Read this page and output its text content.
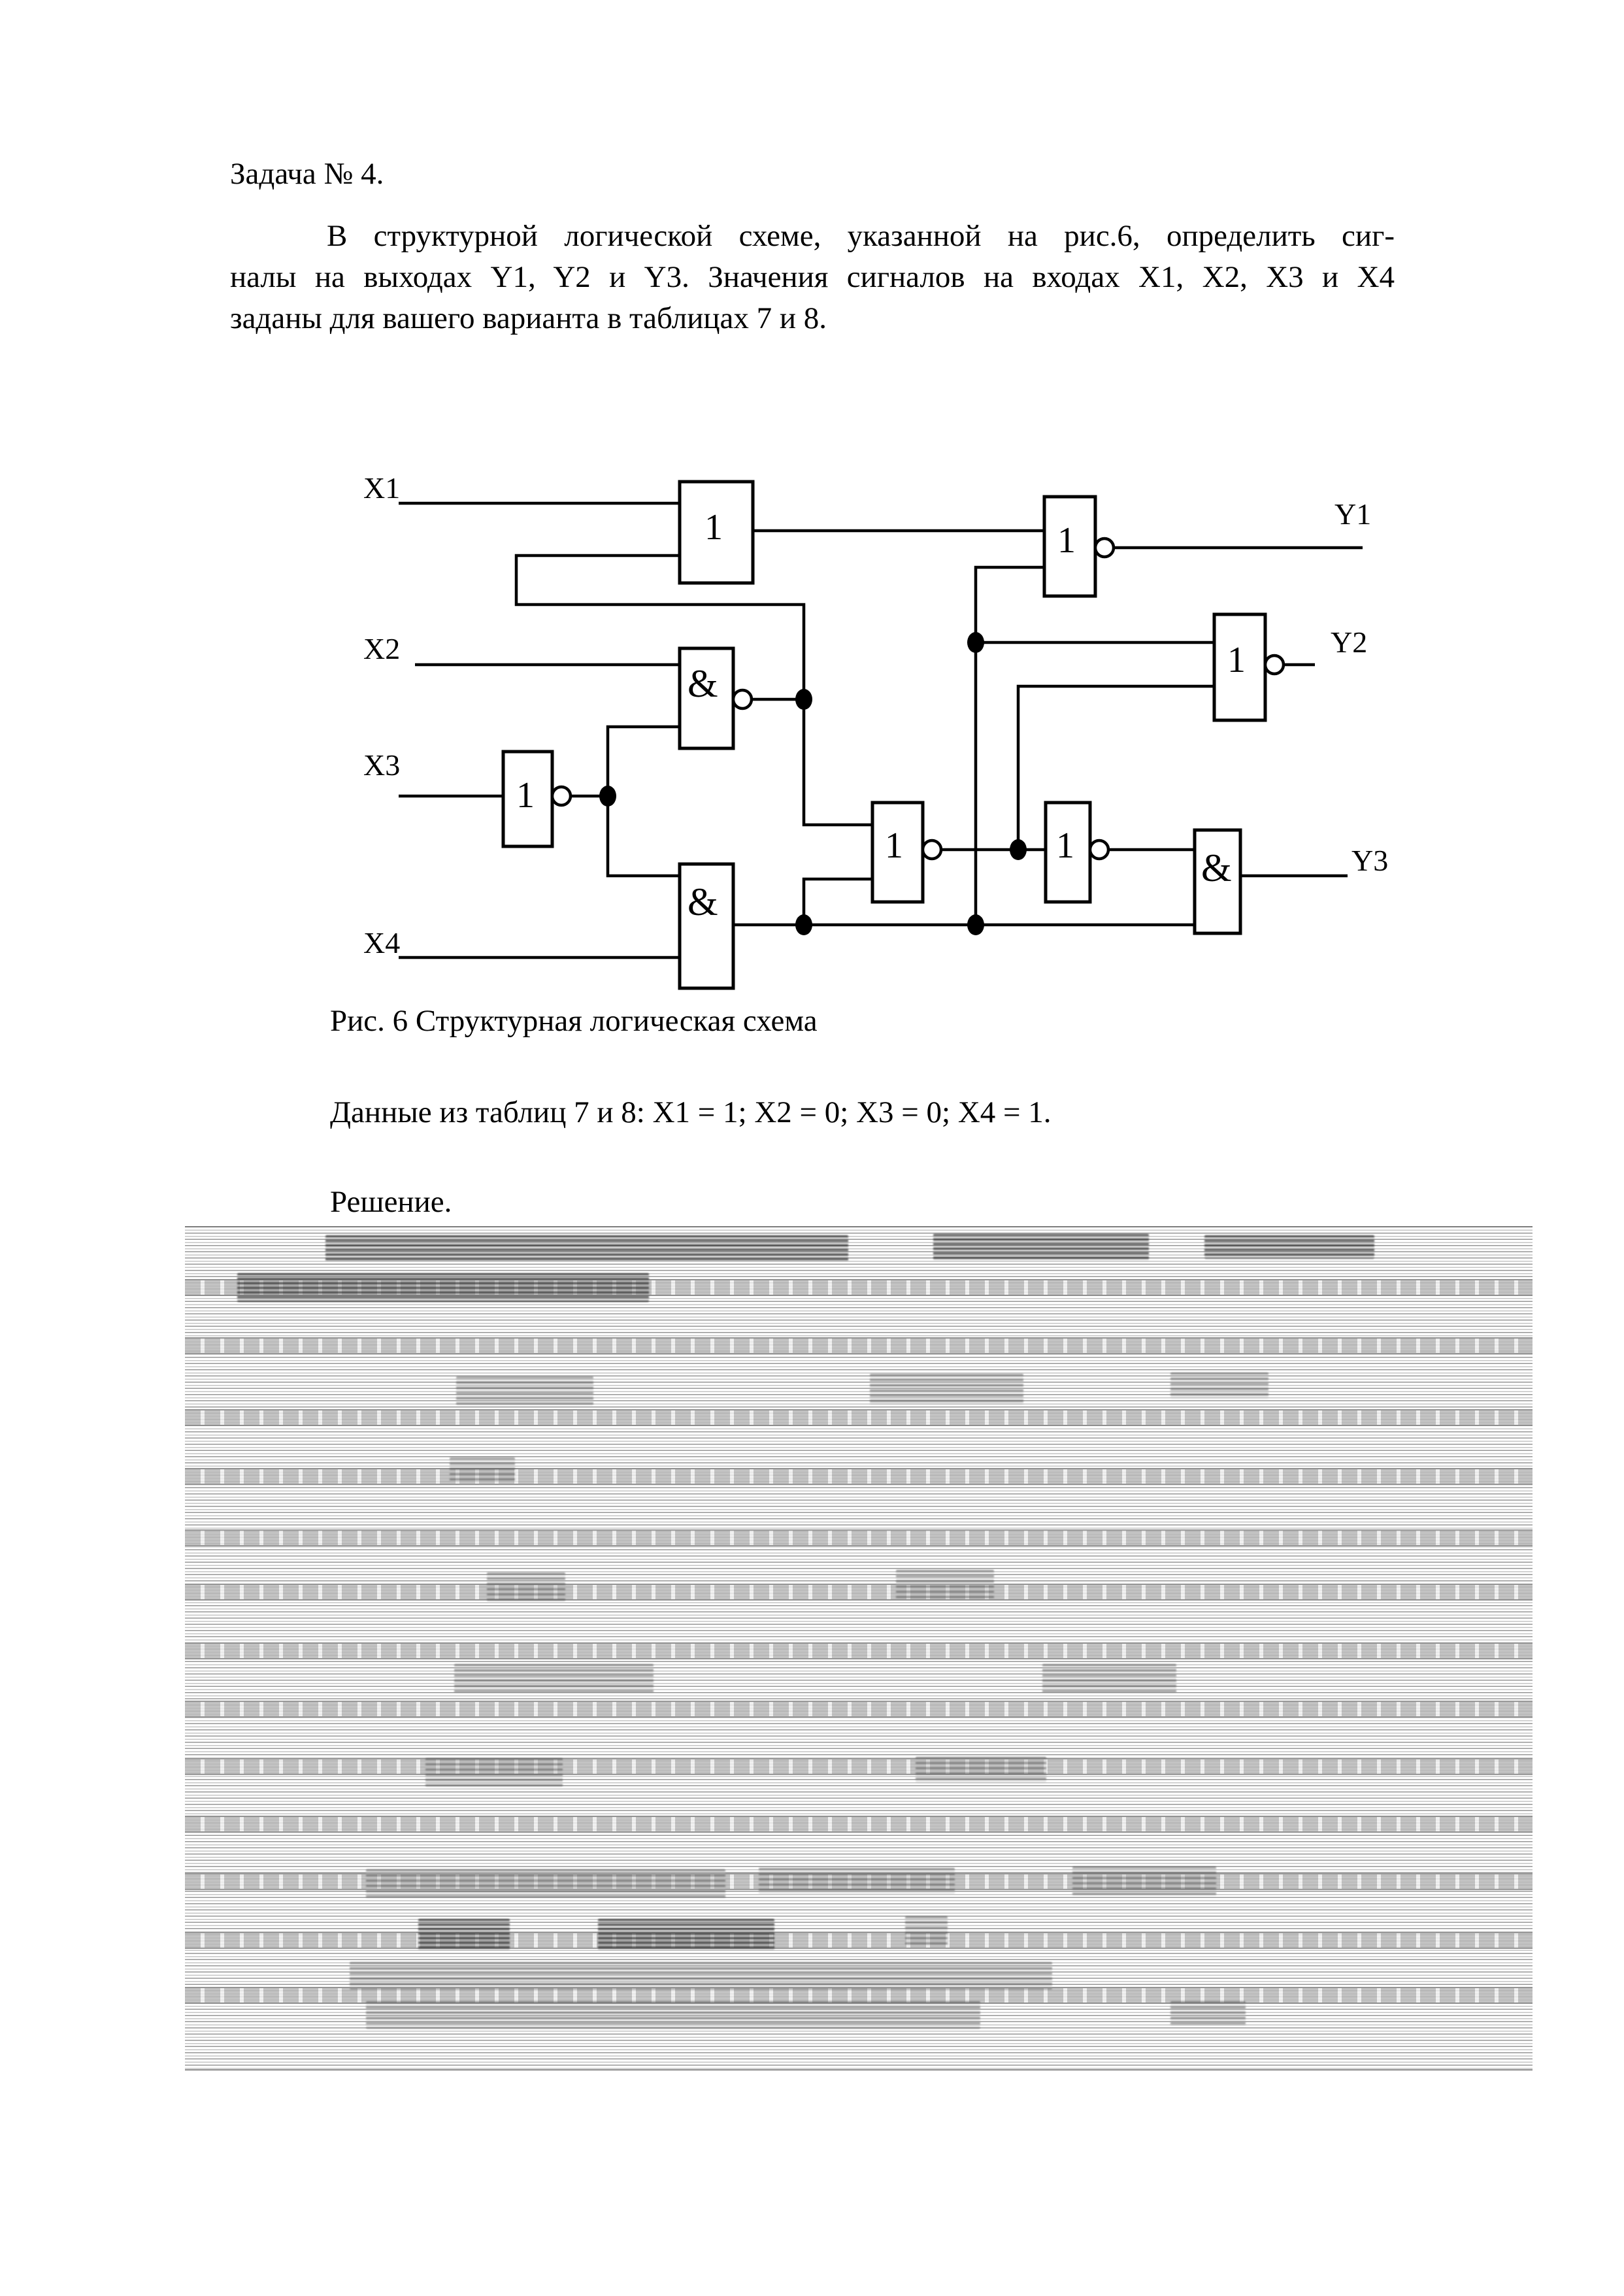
Задача № 4.
В структурной логической схеме, указанной на рис.6, определить сиг-
налы на выходах Y1, Y2 и Y3. Значения сигналов на входах X1, X2, X3 и X4
заданы для вашего варианта в таблицах 7 и 8.
1
&
1
&
1	1
1
1
&
X1
X2
X3
X4
Y1
Y2
Y3
Рис. 6 Структурная логическая схема
Данные из таблиц 7 и 8: X1 = 1; X2 = 0; X3 = 0; X4 = 1.
Решение.
